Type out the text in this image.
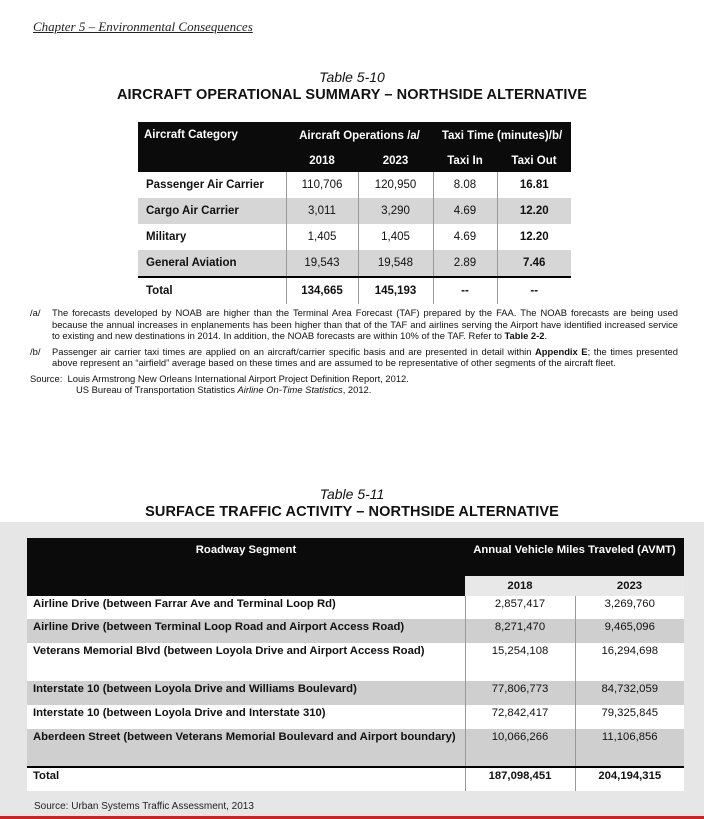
Chapter 5 – Environmental Consequences
Table 5-10
AIRCRAFT OPERATIONAL SUMMARY – NORTHSIDE ALTERNATIVE
Aircraft Category	Aircraft Operations /a/		Taxi Time (minutes)/b/	
	2018	2023	Taxi In	Taxi Out
Passenger Air Carrier	110,706	120,950	8.08	16.81
Cargo Air Carrier	3,011	3,290	4.69	12.20
Military	1,405	1,405	4.69	12.20
General Aviation	19,543	19,548	2.89	7.46
Total	134,665	145,193	--	--
/a/	The forecasts developed by NOAB are higher than the Terminal Area Forecast (TAF) prepared by the FAA. The NOAB forecasts are being used because the annual increases in enplanements has been higher than that of the TAF and airlines serving the Airport have identified increased service to existing and new destinations in 2014. In addition, the NOAB forecasts are within 10% of the TAF. Refer to Table 2-2.
/b/	Passenger air carrier taxi times are applied on an aircraft/carrier specific basis and are presented in detail within Appendix E; the times presented above represent an “airfield” average based on these times and are assumed to be representative of other segments of the aircraft fleet.
Source: Louis Armstrong New Orleans International Airport Project Definition Report, 2012.
US Bureau of Transportation Statistics Airline On-Time Statistics, 2012.
Table 5-11
SURFACE TRAFFIC ACTIVITY – NORTHSIDE ALTERNATIVE
Roadway Segment	Annual Vehicle Miles Traveled (AVMT)	
	2018	2023
Airline Drive (between Farrar Ave and Terminal Loop Rd)	2,857,417	3,269,760
Airline Drive (between Terminal Loop Road and Airport Access Road)	8,271,470	9,465,096
Veterans Memorial Blvd (between Loyola Drive and Airport Access Road)	15,254,108	16,294,698
Interstate 10 (between Loyola Drive and Williams Boulevard)	77,806,773	84,732,059
Interstate 10 (between Loyola Drive and Interstate 310)	72,842,417	79,325,845
Aberdeen Street (between Veterans Memorial Boulevard and Airport boundary)	10,066,266	11,106,856
Total	187,098,451	204,194,315
Source: Urban Systems Traffic Assessment, 2013
